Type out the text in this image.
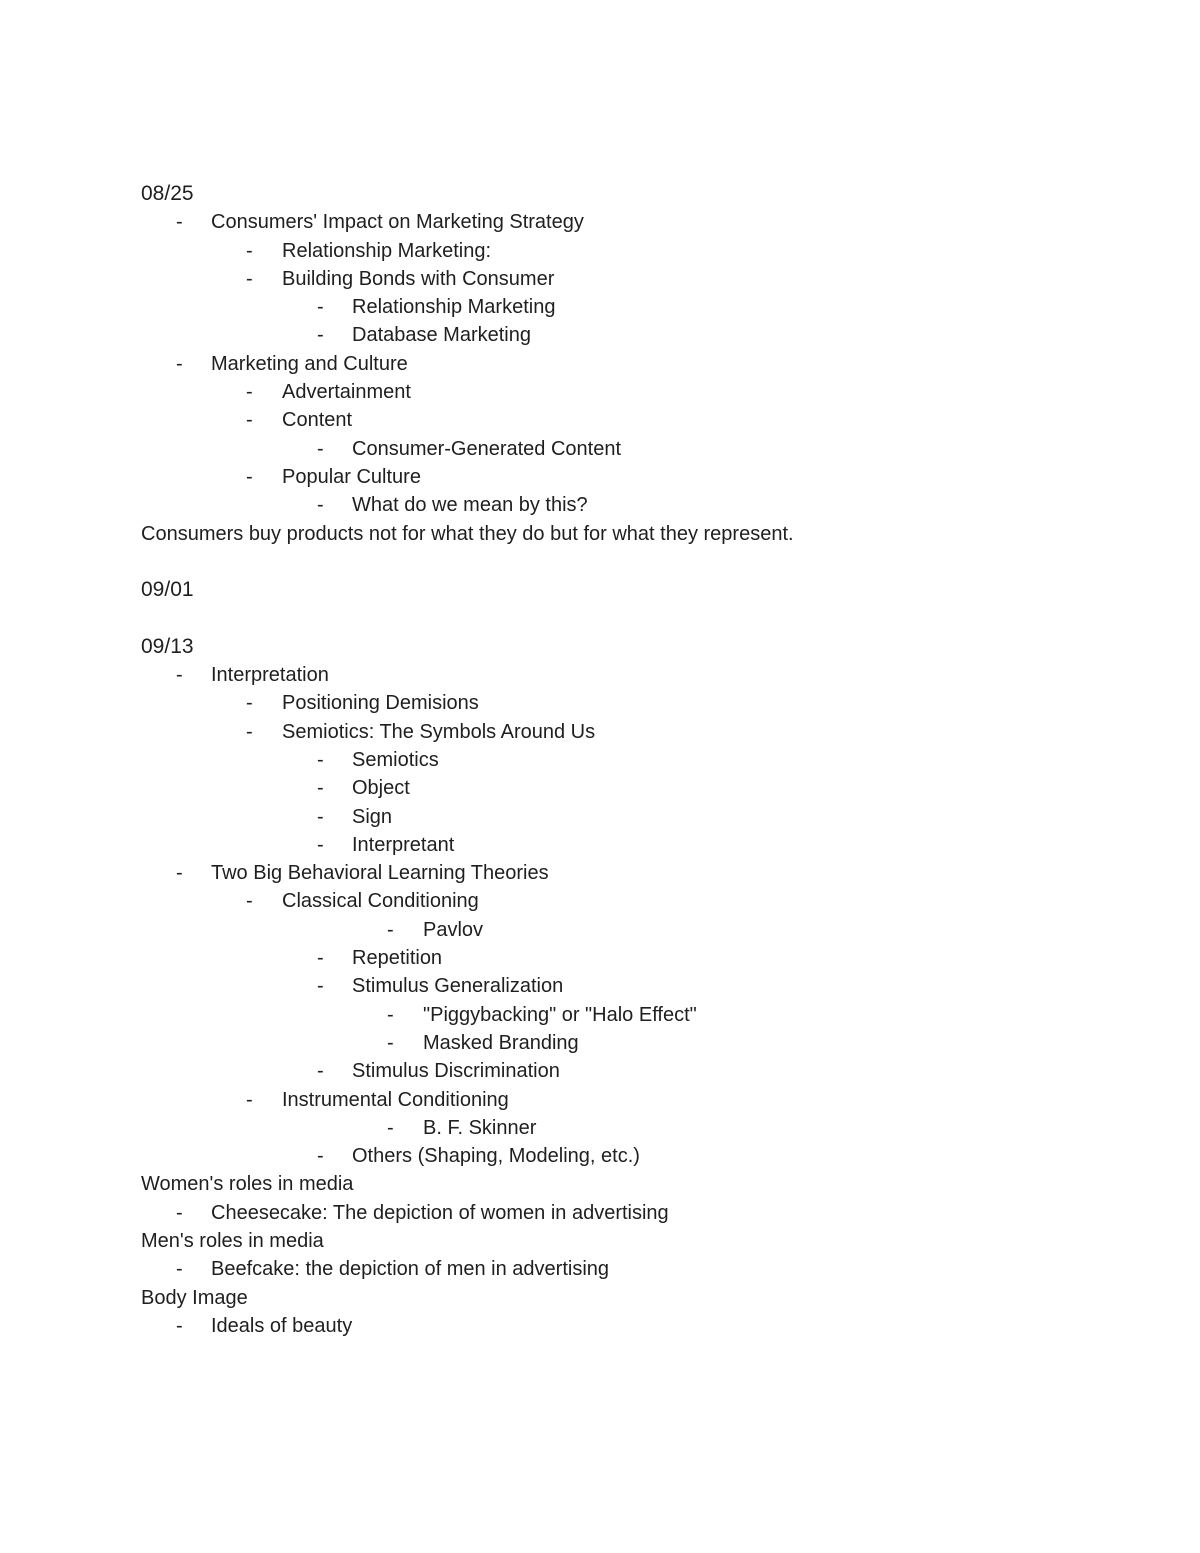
08/25
- Consumers' Impact on Marketing Strategy
- Relationship Marketing:
- Building Bonds with Consumer
- Relationship Marketing
- Database Marketing
- Marketing and Culture
- Advertainment
- Content
- Consumer-Generated Content
- Popular Culture
- What do we mean by this?
Consumers buy products not for what they do but for what they represent.
09/01
09/13
- Interpretation
- Positioning Demisions
- Semiotics: The Symbols Around Us
- Semiotics
- Object
- Sign
- Interpretant
- Two Big Behavioral Learning Theories
- Classical Conditioning
- Pavlov
- Repetition
- Stimulus Generalization
- "Piggybacking" or "Halo Effect"
- Masked Branding
- Stimulus Discrimination
- Instrumental Conditioning
- B. F. Skinner
- Others (Shaping, Modeling, etc.)
Women's roles in media
- Cheesecake: The depiction of women in advertising
Men's roles in media
- Beefcake: the depiction of men in advertising
Body Image
- Ideals of beauty
